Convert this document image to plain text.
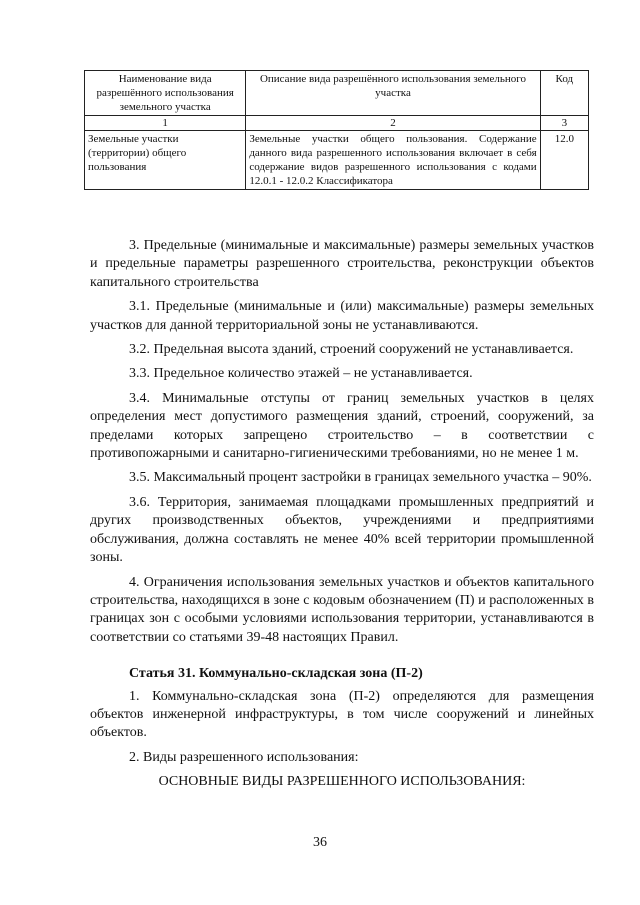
Наименование вида разрешённого использования земельного участка	Описание вида разрешённого использования земельного участка	Код
1	2	3
Земельные участки (территории) общего пользования	Земельные участки общего пользования. Содержание данного вида разрешенного использования включает в себя содержание видов разрешенного использования с кодами 12.0.1 - 12.0.2 Классификатора	12.0

3. Предельные (минимальные и максимальные) размеры земельных участков и предельные параметры разрешенного строительства, реконструкции объектов капитального строительства

3.1. Предельные (минимальные и (или) максимальные) размеры земельных участков для данной территориальной зоны не устанавливаются.

3.2. Предельная высота зданий, строений сооружений не устанавливается.

3.3. Предельное количество этажей – не устанавливается.

3.4. Минимальные отступы от границ земельных участков в целях определения мест допустимого размещения зданий, строений, сооружений, за пределами которых запрещено строительство – в соответствии с противопожарными и санитарно-гигиеническими требованиями, но не менее 1 м.

3.5. Максимальный процент застройки в границах земельного участка – 90%.

3.6. Территория, занимаемая площадками промышленных предприятий и других производственных объектов, учреждениями и предприятиями обслуживания, должна составлять не менее 40% всей территории промышленной зоны.

4. Ограничения использования земельных участков и объектов капитального строительства, находящихся в зоне с кодовым обозначением (П) и расположенных в границах зон с особыми условиями использования территории, устанавливаются в соответствии со статьями 39-48 настоящих Правил.

Статья 31. Коммунально-складская зона (П-2)

1. Коммунально-складская зона (П-2) определяются для размещения объектов инженерной инфраструктуры, в том числе сооружений и линейных объектов.

2. Виды разрешенного использования:

ОСНОВНЫЕ ВИДЫ РАЗРЕШЕННОГО ИСПОЛЬЗОВАНИЯ:

36
